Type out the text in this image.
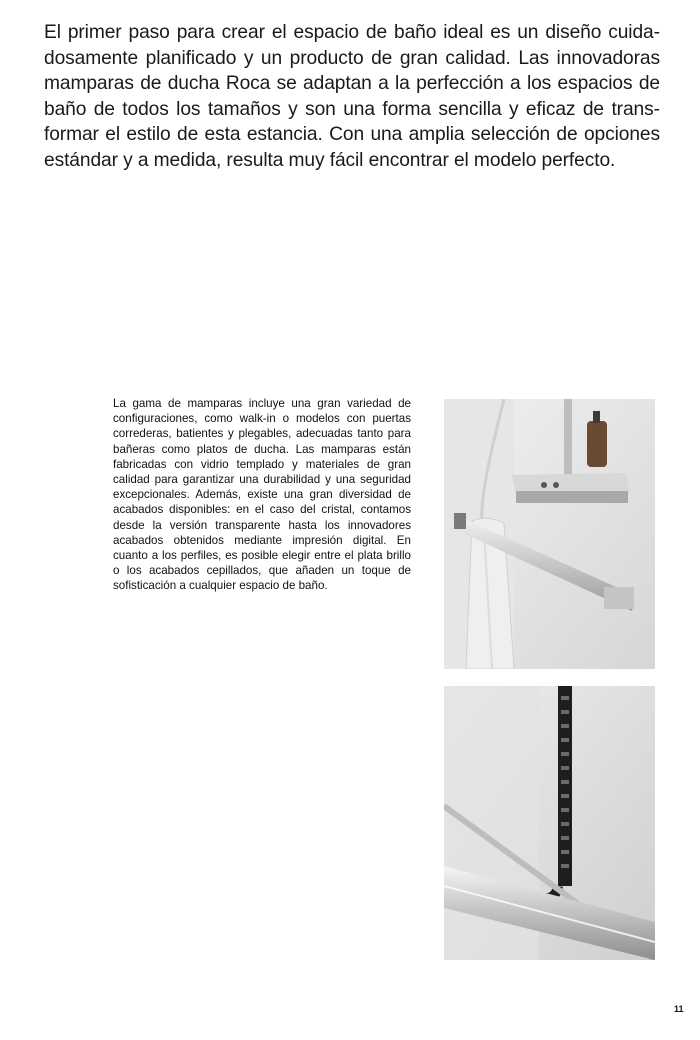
El primer paso para crear el espacio de baño ideal es un diseño cuidadosamente planificado y un producto de gran calidad. Las innovadoras mamparas de ducha Roca se adaptan a la perfección a los espacios de baño de todos los tamaños y son una forma sencilla y eficaz de transformar el estilo de esta estancia. Con una amplia selección de opciones estándar y a medida, resulta muy fácil encontrar el modelo perfecto.

La gama de mamparas incluye una gran variedad de configuraciones, como walk-in o modelos con puertas correderas, batientes y plegables, adecuadas tanto para bañeras como platos de ducha. Las mamparas están fabricadas con vidrio templado y materiales de gran calidad para garantizar una durabilidad y una seguridad excepcionales. Además, existe una gran diversidad de acabados disponibles: en el caso del cristal, contamos desde la versión transparente hasta los innovadores acabados obtenidos mediante impresión digital. En cuanto a los perfiles, es posible elegir entre el plata brillo o los acabados cepillados, que añaden un toque de sofisticación a cualquier espacio de baño.

11
